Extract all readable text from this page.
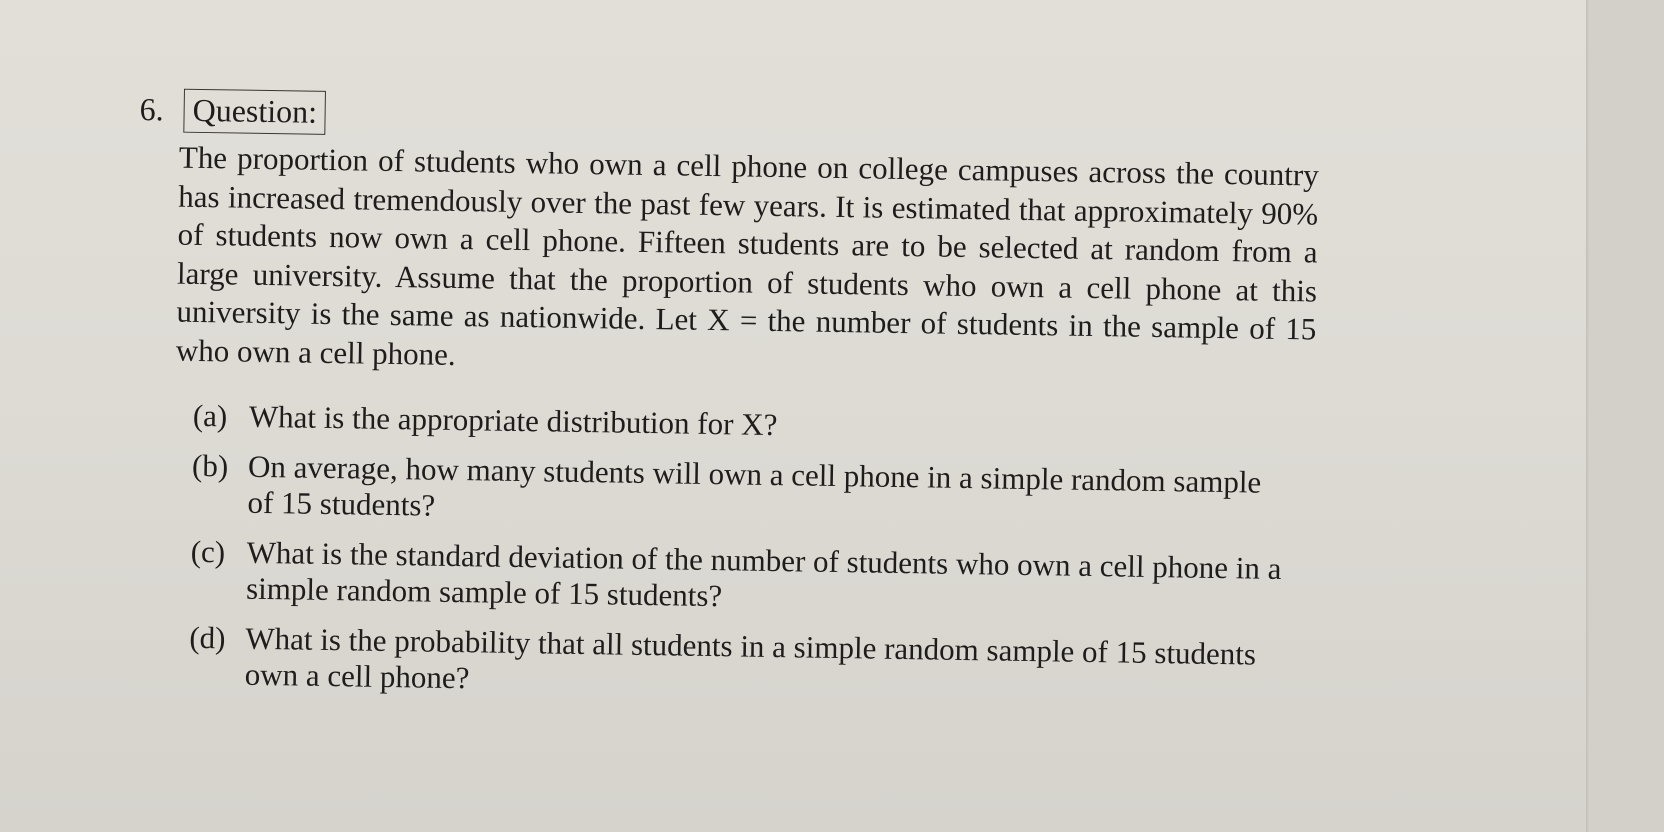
6. Question:
The proportion of students who own a cell phone on college campuses across the country has increased tremendously over the past few years. It is estimated that approximately 90% of students now own a cell phone. Fifteen students are to be selected at random from a large university. Assume that the proportion of students who own a cell phone at this university is the same as nationwide. Let X = the number of students in the sample of 15 who own a cell phone.
(a) What is the appropriate distribution for X?
(b) On average, how many students will own a cell phone in a simple random sample of 15 students?
(c) What is the standard deviation of the number of students who own a cell phone in a simple random sample of 15 students?
(d) What is the probability that all students in a simple random sample of 15 students own a cell phone?
